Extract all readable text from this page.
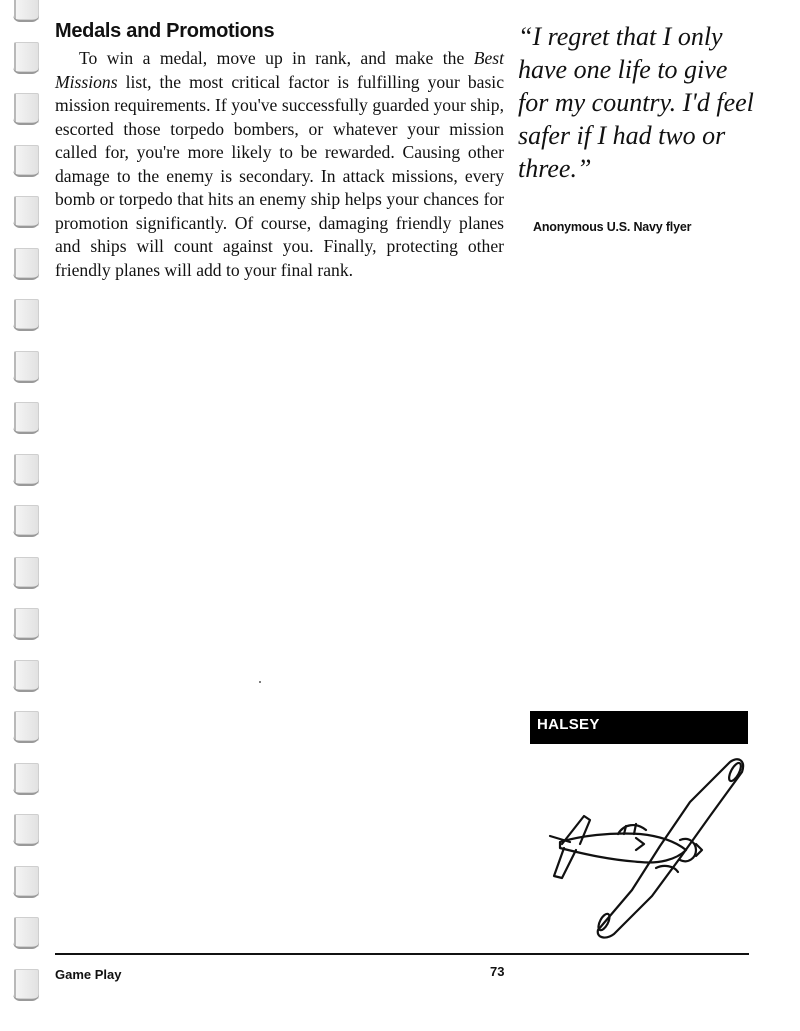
Medals and Promotions

To win a medal, move up in rank, and make the Best Missions list, the most critical factor is fulfilling your basic mission requirements. If you've successfully guarded your ship, escorted those torpedo bombers, or whatever your mission called for, you're more likely to be rewarded. Causing other damage to the enemy is secondary. In attack missions, every bomb or torpedo that hits an enemy ship helps your chances for promotion significantly. Of course, damaging friendly planes and ships will count against you. Finally, protecting other friendly planes will add to your final rank.

“I regret that I only have one life to give for my country. I'd feel safer if I had two or three.”

Anonymous U.S. Navy flyer

HALSEY
Game Play	73
